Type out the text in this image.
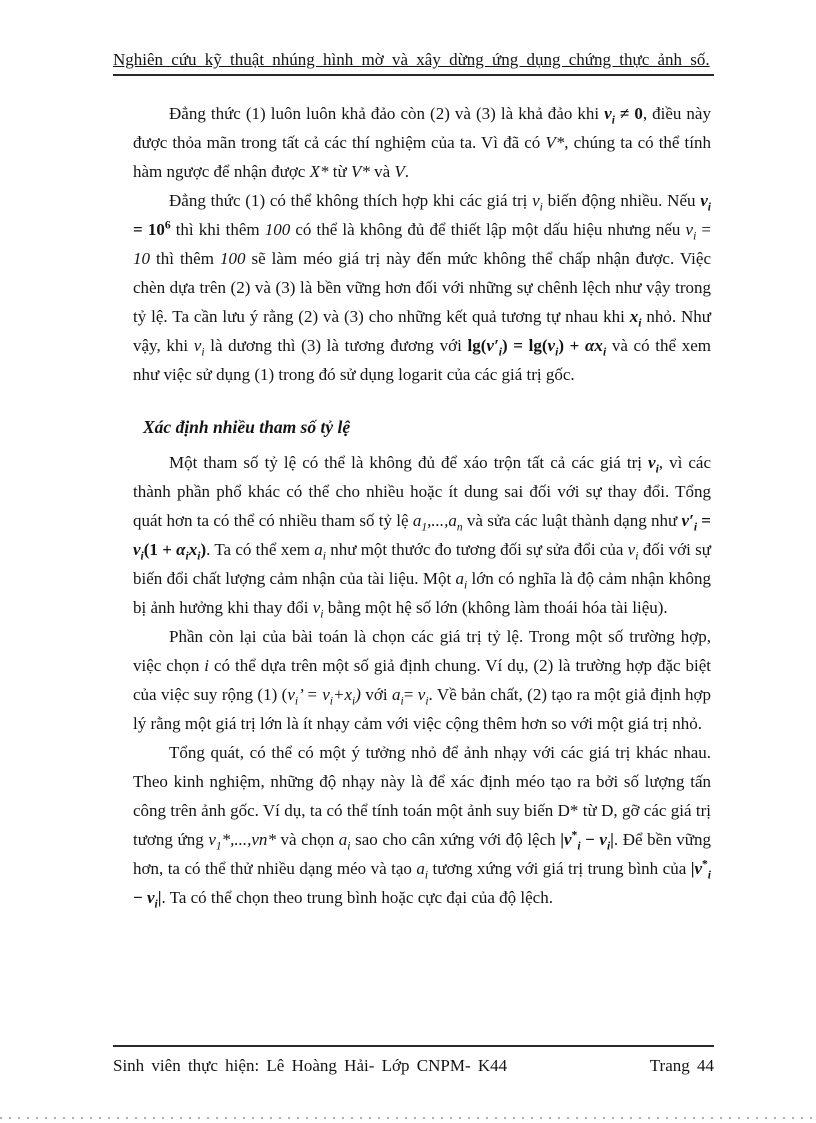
Nghiên cứu kỹ thuật nhúng hình mờ và xây dừng ứng dụng chứng thực ảnh số.

Đẳng thức (1) luôn luôn khả đảo còn (2) và (3) là khả đảo khi $v_i \ne 0$, điều này được thỏa mãn trong tất cả các thí nghiệm của ta. Vì đã có V*, chúng ta có thể tính hàm ngược để nhận được X* từ V* và V.

Đẳng thức (1) có thể không thích hợp khi các giá trị $v_i$ biến động nhiều. Nếu $v_i = 10^6$ thì khi thêm 100 có thể là không đủ để thiết lập một dấu hiệu nhưng nếu $v_i = 10$ thì thêm 100 sẽ làm méo giá trị này đến mức không thể chấp nhận được. Việc chèn dựa trên (2) và (3) là bền vững hơn đối với những sự chênh lệch như vậy trong tỷ lệ. Ta cần lưu ý rằng (2) và (3) cho những kết quả tương tự nhau khi $x_i$ nhỏ. Như vậy, khi $v_i$ là dương thì (3) là tương đương với $\lg(v'_i) = \lg(v_i) + \alpha x_i$ và có thể xem như việc sử dụng (1) trong đó sử dụng logarit của các giá trị gốc.

Xác định nhiều tham số tỷ lệ

Một tham số tỷ lệ có thể là không đủ để xáo trộn tất cả các giá trị $v_i$, vì các thành phần phổ khác có thể cho nhiều hoặc ít dung sai đối với sự thay đổi. Tổng quát hơn ta có thể có nhiều tham số tỷ lệ $a_1,...,a_n$ và sửa các luật thành dạng như $v'_i = v_i(1 + \alpha_ix_i)$. Ta có thể xem $a_i$ như một thước đo tương đối sự sửa đổi của $v_i$ đối với sự biến đổi chất lượng cảm nhận của tài liệu. Một $a_i$ lớn có nghĩa là độ cảm nhận không bị ảnh hưởng khi thay đổi $v_i$ bằng một hệ số lớn (không làm thoái hóa tài liệu).

Phần còn lại của bài toán là chọn các giá trị tỷ lệ. Trong một số trường hợp, việc chọn i có thể dựa trên một số giả định chung. Ví dụ, (2) là trường hợp đặc biệt của việc suy rộng (1) ($v_i$’ = $v_i+x_i$) với $a_i= v_i$. Về bản chất, (2) tạo ra một giả định hợp lý rằng một giá trị lớn là ít nhạy cảm với việc cộng thêm hơn so với một giá trị nhỏ.

Tổng quát, có thể có một ý tưởng nhỏ để ảnh nhạy với các giá trị khác nhau. Theo kinh nghiệm, những độ nhạy này là để xác định méo tạo ra bởi số lượng tấn công trên ảnh gốc. Ví dụ, ta có thể tính toán một ảnh suy biến D* từ D, gỡ các giá trị tương ứng $v_1*,...,vn*$ và chọn $a_i$ sao cho cân xứng với độ lệch $|v^*_i - v_i|$. Để bền vững hơn, ta có thể thử nhiều dạng méo và tạo $a_i$ tương xứng với giá trị trung bình của $|v^*_i - v_i|$. Ta có thể chọn theo trung bình hoặc cực đại của độ lệch.

Sinh viên thực hiện: Lê Hoàng Hải- Lớp CNPM- K44	Trang 44
